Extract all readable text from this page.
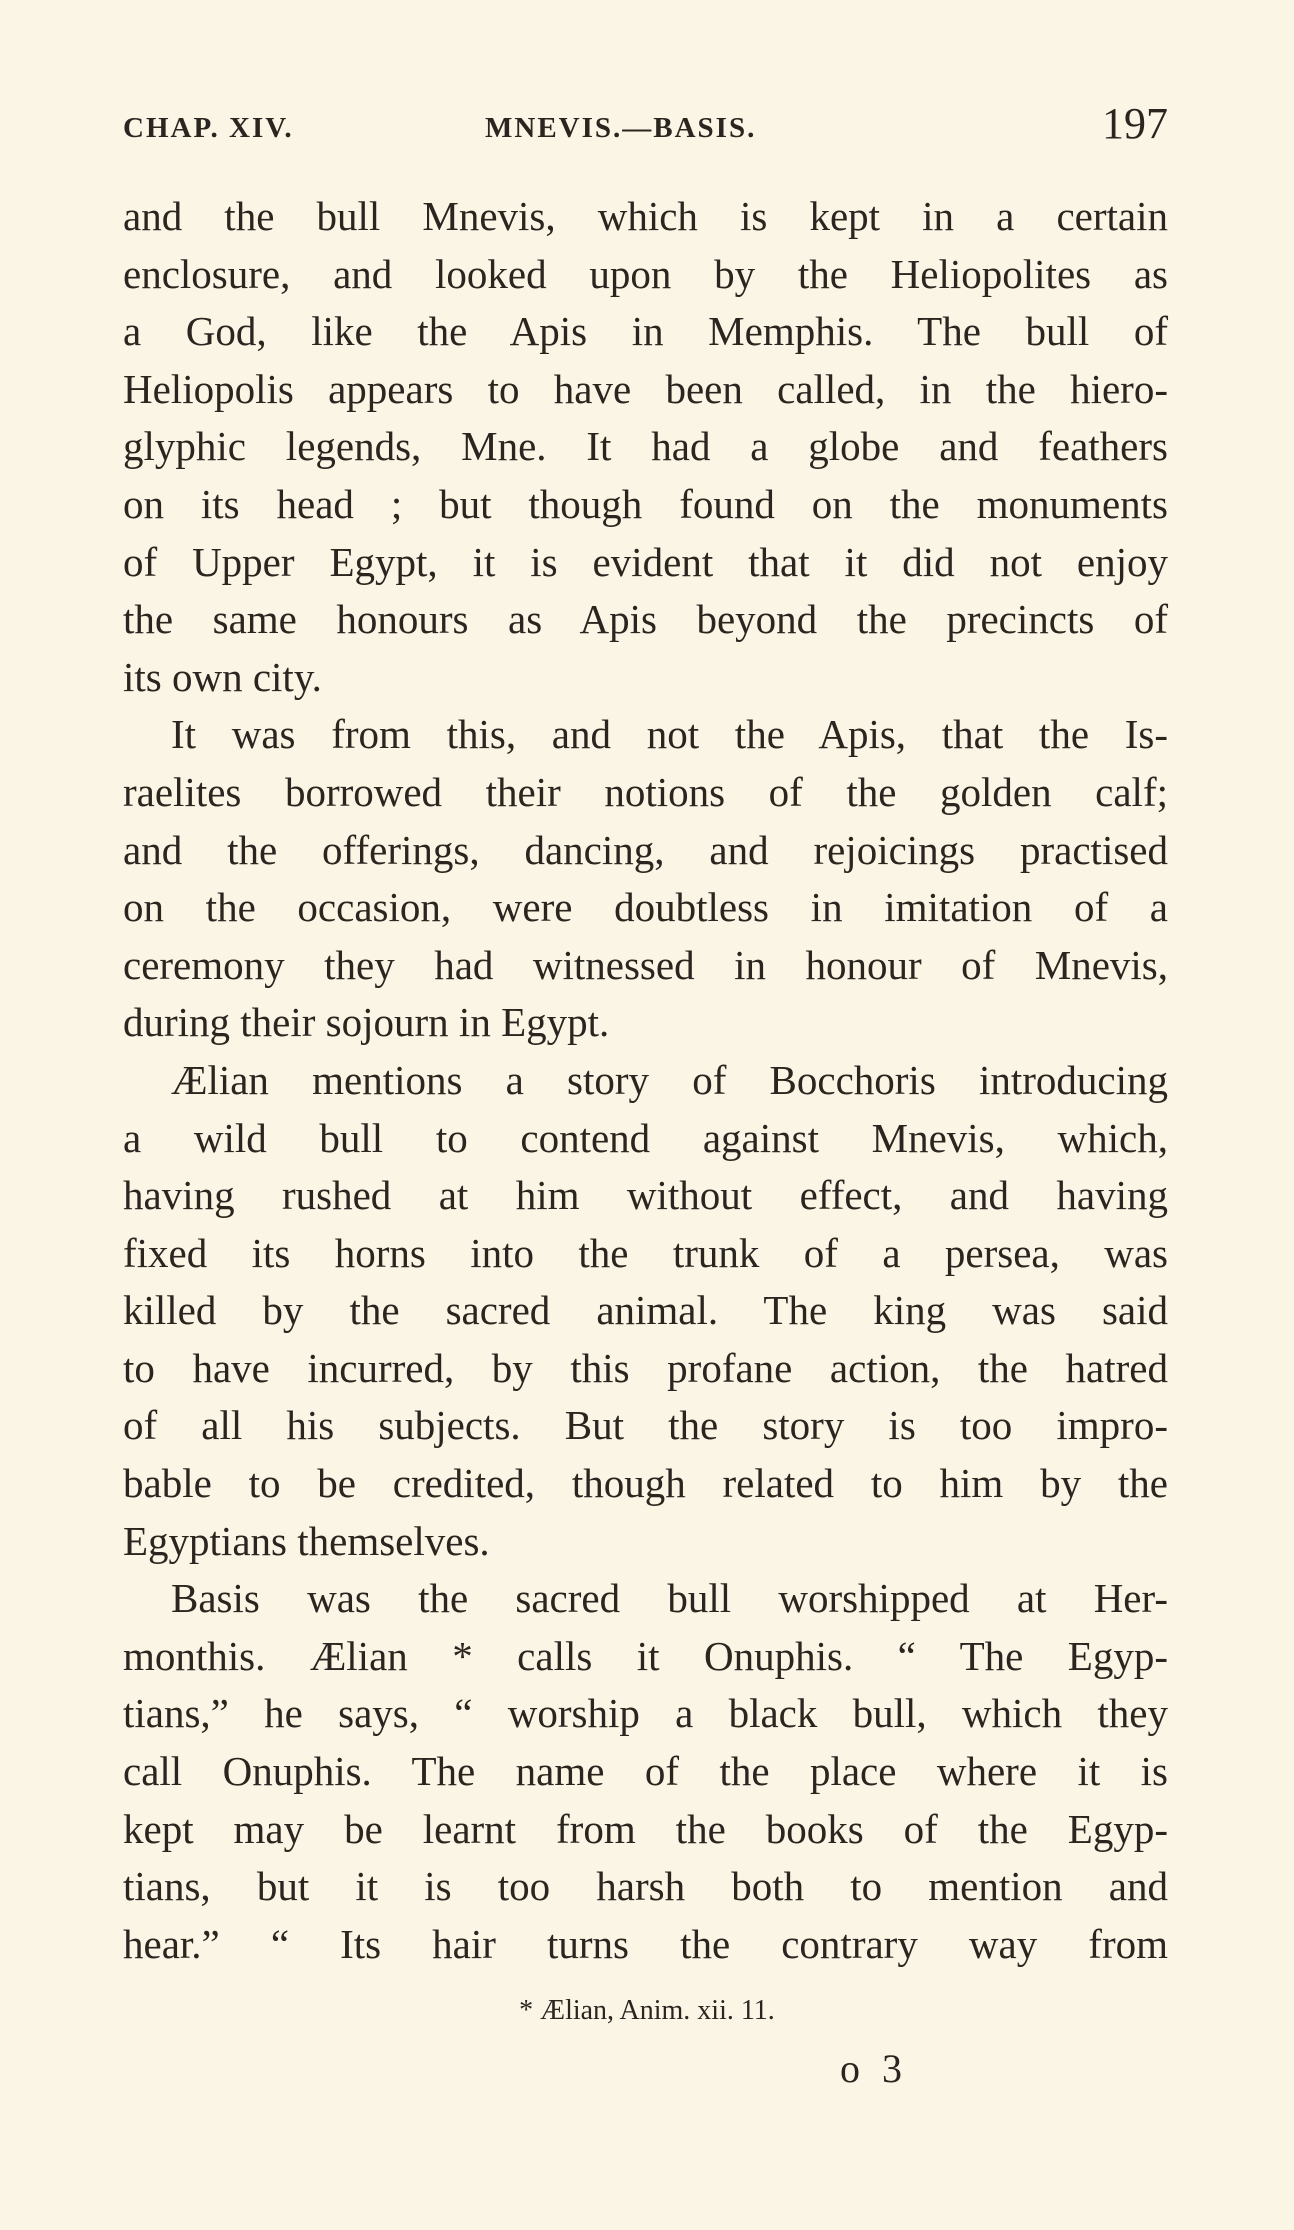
CHAP. XIV.	MNEVIS.—BASIS.	197
and the bull Mnevis, which is kept in a certain
enclosure, and looked upon by the Heliopolites as
a God, like the Apis in Memphis. The bull of
Heliopolis appears to have been called, in the hiero-
glyphic legends, Mne. It had a globe and feathers
on its head ; but though found on the monuments
of Upper Egypt, it is evident that it did not enjoy
the same honours as Apis beyond the precincts of
its own city.
It was from this, and not the Apis, that the Is-
raelites borrowed their notions of the golden calf;
and the offerings, dancing, and rejoicings practised
on the occasion, were doubtless in imitation of a
ceremony they had witnessed in honour of Mnevis,
during their sojourn in Egypt.
Ælian mentions a story of Bocchoris introducing
a wild bull to contend against Mnevis, which,
having rushed at him without effect, and having
fixed its horns into the trunk of a persea, was
killed by the sacred animal. The king was said
to have incurred, by this profane action, the hatred
of all his subjects. But the story is too impro-
bable to be credited, though related to him by the
Egyptians themselves.
Basis was the sacred bull worshipped at Her-
monthis. Ælian * calls it Onuphis. “ The Egyp-
tians,” he says, “ worship a black bull, which they
call Onuphis. The name of the place where it is
kept may be learnt from the books of the Egyp-
tians, but it is too harsh both to mention and
hear.” “ Its hair turns the contrary way from
* Ælian, Anim. xii. 11.
o 3
